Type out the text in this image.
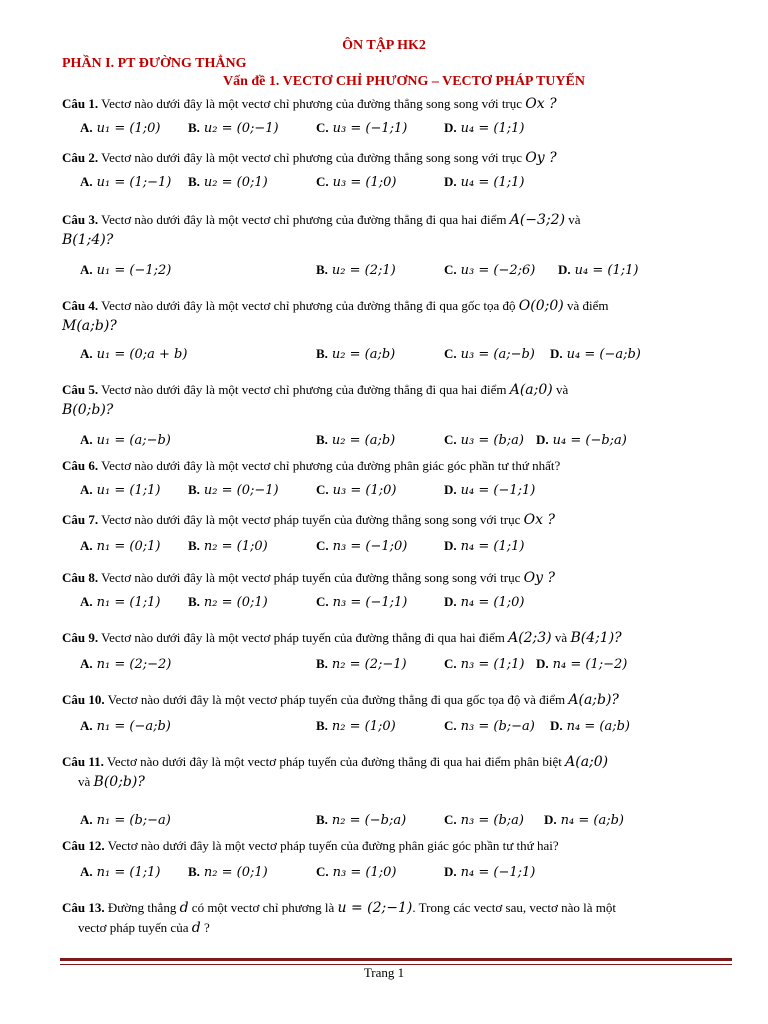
ÔN TẬP HK2
PHẦN I. PT ĐƯỜNG THẲNG
Vấn đề 1. VECTƠ CHỈ PHƯƠNG – VECTƠ PHÁP TUYẾN
Câu 1. Vectơ nào dưới đây là một vectơ chỉ phương của đường thẳng song song với trục Ox ?
A. u₁ = (1;0) B. u₂ = (0;−1)	C. u₃ = (−1;1)	D. u₄ = (1;1)
Câu 2. Vectơ nào dưới đây là một vectơ chỉ phương của đường thẳng song song với trục Oy ?
A. u₁ = (1;−1) B. u₂ = (0;1)	C. u₃ = (1;0)	D. u₄ = (1;1)
Câu 3. Vectơ nào dưới đây là một vectơ chỉ phương của đường thẳng đi qua hai điểm A(−3;2) và
B(1;4)?
A. u₁ = (−1;2)	B. u₂ = (2;1)	C. u₃ = (−2;6) D. u₄ = (1;1)
Câu 4. Vectơ nào dưới đây là một vectơ chỉ phương của đường thẳng đi qua gốc tọa độ O(0;0) và điểm
M(a;b)?
A. u₁ = (0;a + b)	B. u₂ = (a;b)	C. u₃ = (a;−b) D. u₄ = (−a;b)
Câu 5. Vectơ nào dưới đây là một vectơ chỉ phương của đường thẳng đi qua hai điểm A(a;0) và
B(0;b)?
A. u₁ = (a;−b)	B. u₂ = (a;b)	C. u₃ = (b;a) D. u₄ = (−b;a)
Câu 6. Vectơ nào dưới đây là một vectơ chỉ phương của đường phân giác góc phần tư thứ nhất?
A. u₁ = (1;1) B. u₂ = (0;−1)	C. u₃ = (1;0)	D. u₄ = (−1;1)
Câu 7. Vectơ nào dưới đây là một vectơ pháp tuyến của đường thẳng song song với trục Ox ?
A. n₁ = (0;1) B. n₂ = (1;0)	C. n₃ = (−1;0)	D. n₄ = (1;1)
Câu 8. Vectơ nào dưới đây là một vectơ pháp tuyến của đường thẳng song song với trục Oy ?
A. n₁ = (1;1) B. n₂ = (0;1)	C. n₃ = (−1;1)	D. n₄ = (1;0)
Câu 9. Vectơ nào dưới đây là một vectơ pháp tuyến của đường thẳng đi qua hai điểm A(2;3) và B(4;1)?
A. n₁ = (2;−2)	B. n₂ = (2;−1)	C. n₃ = (1;1) D. n₄ = (1;−2)
Câu 10. Vectơ nào dưới đây là một vectơ pháp tuyến của đường thẳng đi qua gốc tọa độ và điểm A(a;b)?
A. n₁ = (−a;b)	B. n₂ = (1;0)	C. n₃ = (b;−a) D. n₄ = (a;b)
Câu 11. Vectơ nào dưới đây là một vectơ pháp tuyến của đường thẳng đi qua hai điểm phân biệt A(a;0)
và B(0;b)?
A. n₁ = (b;−a)	B. n₂ = (−b;a)	C. n₃ = (b;a) D. n₄ = (a;b)
Câu 12. Vectơ nào dưới đây là một vectơ pháp tuyến của đường phân giác góc phần tư thứ hai?
A. n₁ = (1;1) B. n₂ = (0;1)	C. n₃ = (1;0)	D. n₄ = (−1;1)
Câu 13. Đường thẳng d có một vectơ chỉ phương là u = (2;−1). Trong các vectơ sau, vectơ nào là một
vectơ pháp tuyến của d ?
Trang 1
